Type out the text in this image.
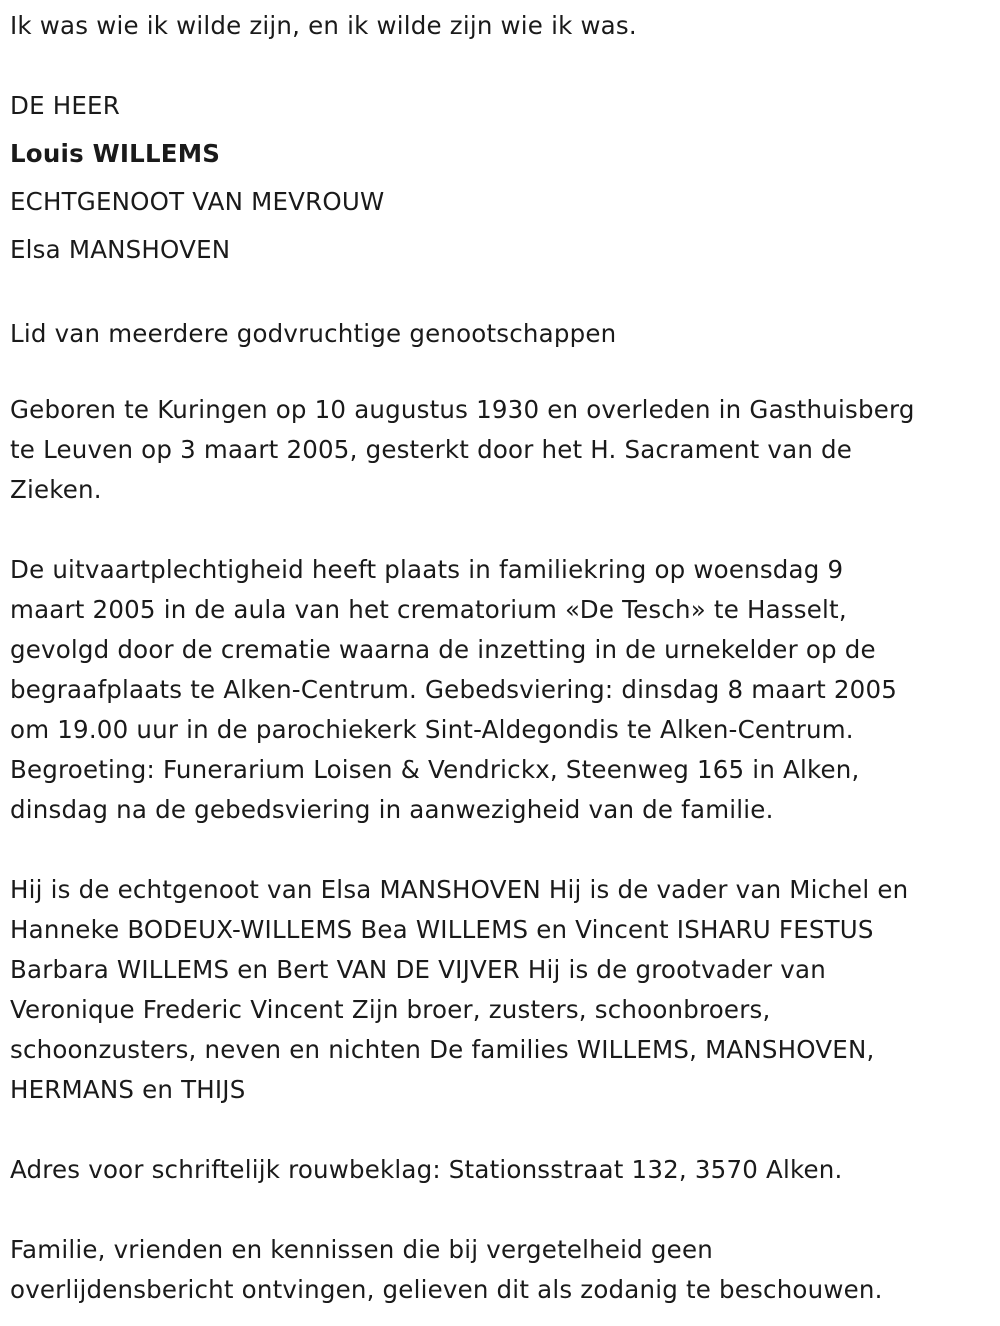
Ik was wie ik wilde zijn, en ik wilde zijn wie ik was.
DE HEER
Louis WILLEMS
ECHTGENOOT VAN MEVROUW
Elsa MANSHOVEN
Lid van meerdere godvruchtige genootschappen
Geboren te Kuringen op 10 augustus 1930 en overleden in Gasthuisberg
te Leuven op 3 maart 2005, gesterkt door het H. Sacrament van de
Zieken.
De uitvaartplechtigheid heeft plaats in familiekring op woensdag 9
maart 2005 in de aula van het crematorium «De Tesch» te Hasselt,
gevolgd door de crematie waarna de inzetting in de urnekelder op de
begraafplaats te Alken-Centrum. Gebedsviering: dinsdag 8 maart 2005
om 19.00 uur in de parochiekerk Sint-Aldegondis te Alken-Centrum.
Begroeting: Funerarium Loisen & Vendrickx, Steenweg 165 in Alken,
dinsdag na de gebedsviering in aanwezigheid van de familie.
Hij is de echtgenoot van Elsa MANSHOVEN Hij is de vader van Michel en
Hanneke BODEUX-WILLEMS Bea WILLEMS en Vincent ISHARU FESTUS
Barbara WILLEMS en Bert VAN DE VIJVER Hij is de grootvader van
Veronique Frederic Vincent Zijn broer, zusters, schoonbroers,
schoonzusters, neven en nichten De families WILLEMS, MANSHOVEN,
HERMANS en THIJS
Adres voor schriftelijk rouwbeklag: Stationsstraat 132, 3570 Alken.
Familie, vrienden en kennissen die bij vergetelheid geen
overlijdensbericht ontvingen, gelieven dit als zodanig te beschouwen.
